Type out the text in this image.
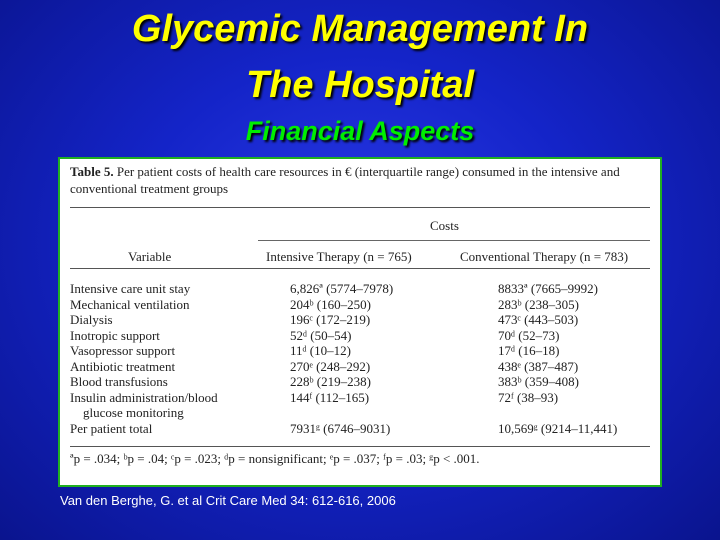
Glycemic Management In
The Hospital
Financial Aspects

Table 5. Per patient costs of health care resources in € (interquartile range) consumed in the intensive and conventional treatment groups

Costs
Variable	Intensive Therapy (n = 765)	Conventional Therapy (n = 783)
Intensive care unit stay	6,826ª (5774–7978)	8833ª (7665–9992)
Mechanical ventilation	204ᵇ (160–250)	283ᵇ (238–305)
Dialysis	196ᶜ (172–219)	473ᶜ (443–503)
Inotropic support	52ᵈ (50–54)	70ᵈ (52–73)
Vasopressor support	11ᵈ (10–12)	17ᵈ (16–18)
Antibiotic treatment	270ᵉ (248–292)	438ᵉ (387–487)
Blood transfusions	228ᵇ (219–238)	383ᵇ (359–408)
Insulin administration/blood	144ᶠ (112–165)	72ᶠ (38–93)
glucose monitoring
Per patient total	7931ᵍ (6746–9031)	10,569ᵍ (9214–11,441)
ªp = .034; ᵇp = .04; ᶜp = .023; ᵈp = nonsignificant; ᵉp = .037; ᶠp = .03; ᵍp < .001.
Van den Berghe, G. et al Crit Care Med 34: 612-616, 2006
